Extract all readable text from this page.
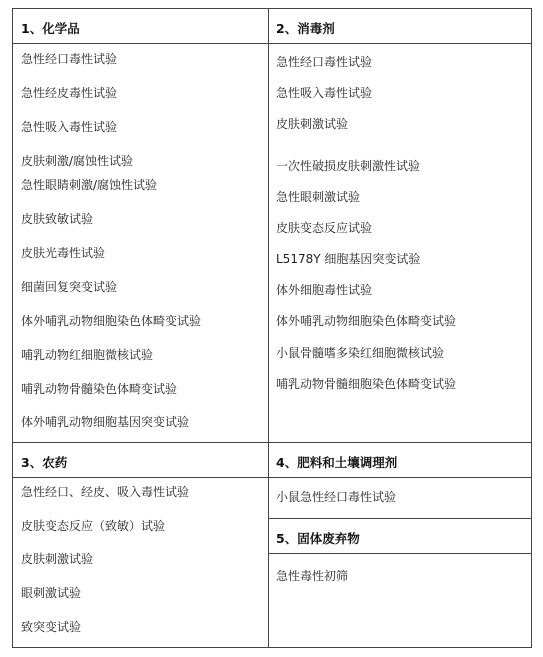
1、化学品
急性经口毒性试验
急性经皮毒性试验
急性吸入毒性试验
皮肤刺激/腐蚀性试验
急性眼睛刺激/腐蚀性试验
皮肤致敏试验
皮肤光毒性试验
细菌回复突变试验
体外哺乳动物细胞染色体畸变试验
哺乳动物红细胞微核试验
哺乳动物骨髓染色体畸变试验
体外哺乳动物细胞基因突变试验
2、消毒剂
急性经口毒性试验
急性吸入毒性试验
皮肤刺激试验
一次性破损皮肤刺激性试验
急性眼刺激试验
皮肤变态反应试验
L5178Y 细胞基因突变试验
体外细胞毒性试验
体外哺乳动物细胞染色体畸变试验
小鼠骨髓嗜多染红细胞微核试验
哺乳动物骨髓细胞染色体畸变试验
3、农药
急性经口、经皮、吸入毒性试验
皮肤变态反应（致敏）试验
皮肤刺激试验
眼刺激试验
致突变试验
4、肥料和土壤调理剂
小鼠急性经口毒性试验
5、固体废弃物
急性毒性初筛
